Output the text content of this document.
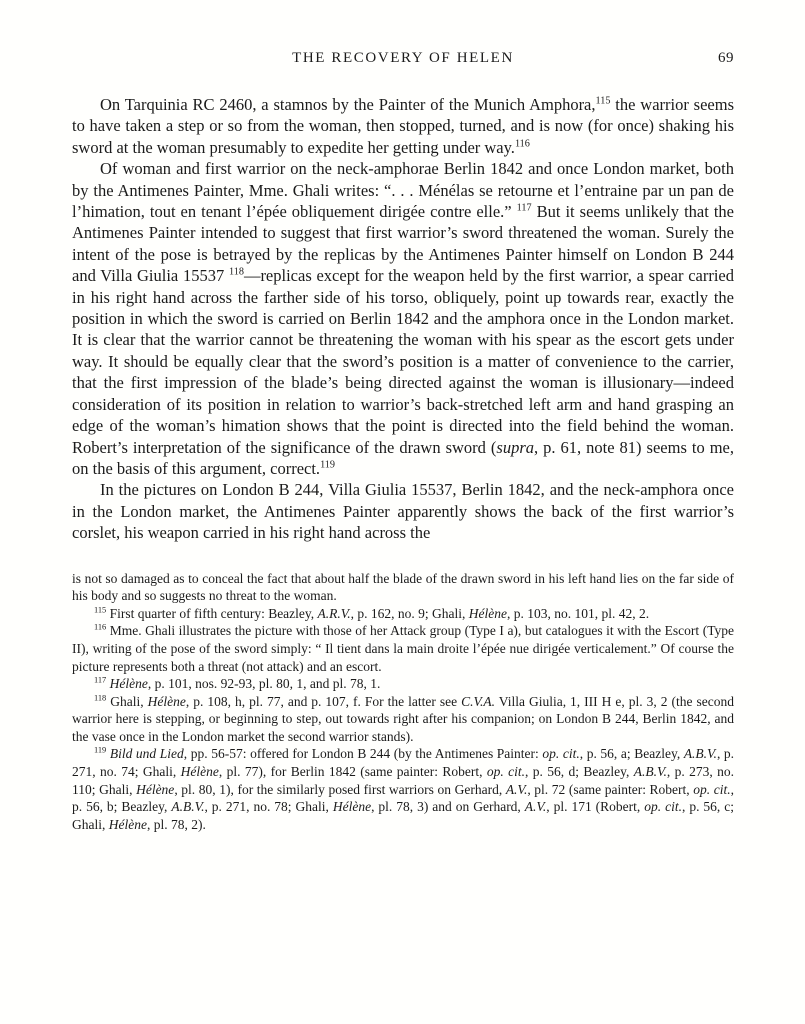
THE RECOVERY OF HELEN	69

On Tarquinia RC 2460, a stamnos by the Painter of the Munich Amphora,$^{115}$ the warrior seems to have taken a step or so from the woman, then stopped, turned, and is now (for once) shaking his sword at the woman presumably to expedite her getting under way.$^{116}$

Of woman and first warrior on the neck-amphorae Berlin 1842 and once London market, both by the Antimenes Painter, Mme. Ghali writes: “. . . Ménélas se retourne et l’entraine par un pan de l’himation, tout en tenant l’épée obliquement dirigée contre elle.” $^{117}$ But it seems unlikely that the Antimenes Painter intended to suggest that first warrior’s sword threatened the woman. Surely the intent of the pose is betrayed by the replicas by the Antimenes Painter himself on London B 244 and Villa Giulia 15537 $^{118}$—replicas except for the weapon held by the first warrior, a spear carried in his right hand across the farther side of his torso, obliquely, point up towards rear, exactly the position in which the sword is carried on Berlin 1842 and the amphora once in the London market. It is clear that the warrior cannot be threatening the woman with his spear as the escort gets under way. It should be equally clear that the sword’s position is a matter of convenience to the carrier, that the first impression of the blade’s being directed against the woman is illusionary—indeed consideration of its position in relation to warrior’s back-stretched left arm and hand grasping an edge of the woman’s himation shows that the point is directed into the field behind the woman. Robert’s interpretation of the significance of the drawn sword (supra, p. 61, note 81) seems to me, on the basis of this argument, correct.$^{119}$

In the pictures on London B 244, Villa Giulia 15537, Berlin 1842, and the neck-amphora once in the London market, the Antimenes Painter apparently shows the back of the first warrior’s corslet, his weapon carried in his right hand across the

is not so damaged as to conceal the fact that about half the blade of the drawn sword in his left hand lies on the far side of his body and so suggests no threat to the woman.

$^{115}$ First quarter of fifth century: Beazley, A.R.V., p. 162, no. 9; Ghali, Hélène, p. 103, no. 101, pl. 42, 2.

$^{116}$ Mme. Ghali illustrates the picture with those of her Attack group (Type I a), but catalogues it with the Escort (Type II), writing of the pose of the sword simply: “ Il tient dans la main droite l’épée nue dirigée verticalement.” Of course the picture represents both a threat (not attack) and an escort.

$^{117}$ Hélène, p. 101, nos. 92-93, pl. 80, 1, and pl. 78, 1.

$^{118}$ Ghali, Hélène, p. 108, h, pl. 77, and p. 107, f. For the latter see C.V.A. Villa Giulia, 1, III H e, pl. 3, 2 (the second warrior here is stepping, or beginning to step, out towards right after his companion; on London B 244, Berlin 1842, and the vase once in the London market the second warrior stands).

$^{119}$ Bild und Lied, pp. 56-57: offered for London B 244 (by the Antimenes Painter: op. cit., p. 56, a; Beazley, A.B.V., p. 271, no. 74; Ghali, Hélène, pl. 77), for Berlin 1842 (same painter: Robert, op. cit., p. 56, d; Beazley, A.B.V., p. 273, no. 110; Ghali, Hélène, pl. 80, 1), for the similarly posed first warriors on Gerhard, A.V., pl. 72 (same painter: Robert, op. cit., p. 56, b; Beazley, A.B.V., p. 271, no. 78; Ghali, Hélène, pl. 78, 3) and on Gerhard, A.V., pl. 171 (Robert, op. cit., p. 56, c; Ghali, Hélène, pl. 78, 2).
